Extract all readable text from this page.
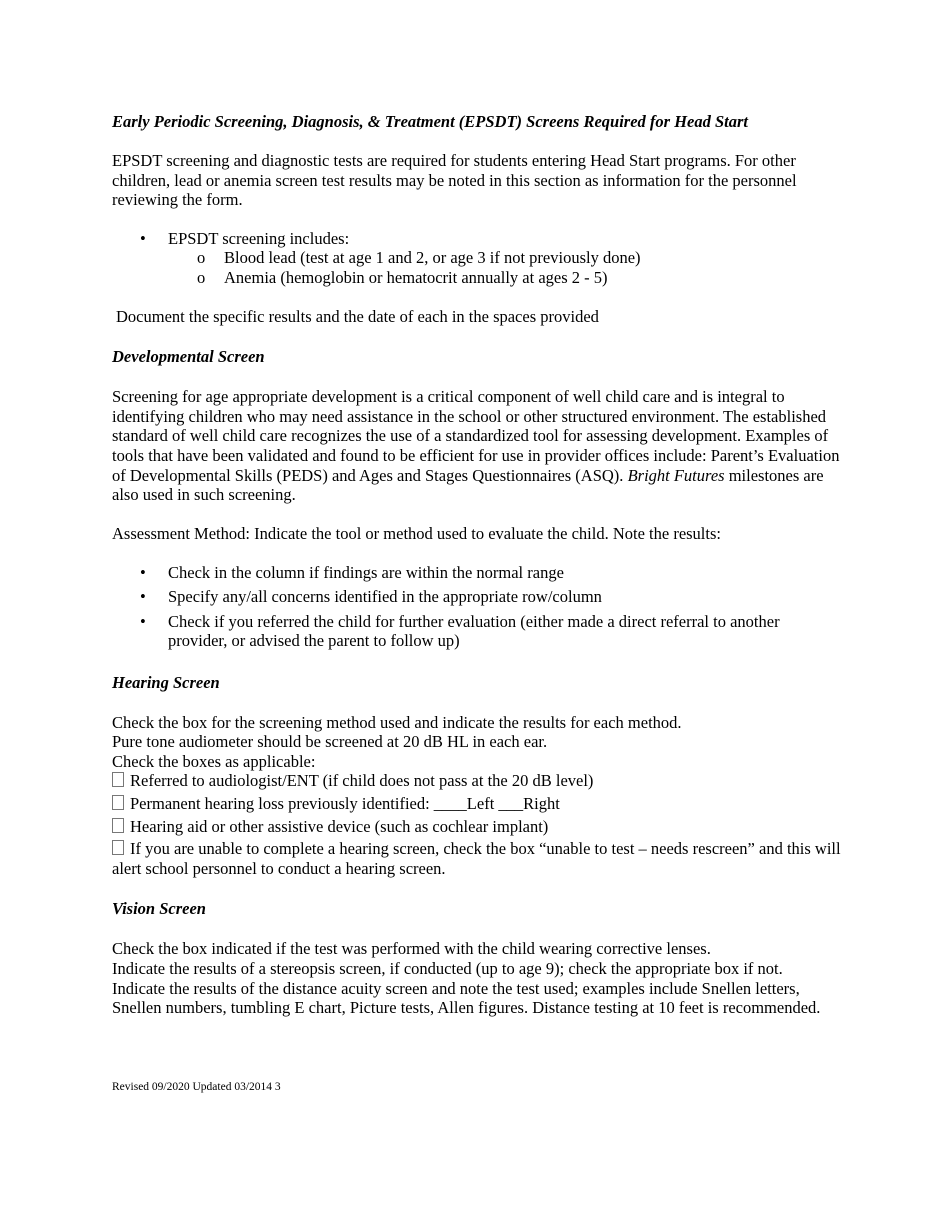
Early Periodic Screening, Diagnosis, & Treatment (EPSDT) Screens Required for Head Start

EPSDT screening and diagnostic tests are required for students entering Head Start programs. For other children, lead or anemia screen test results may be noted in this section as information for the personnel reviewing the form.

• EPSDT screening includes:
o Blood lead (test at age 1 and 2, or age 3 if not previously done)
o Anemia (hemoglobin or hematocrit annually at ages 2 - 5)

Document the specific results and the date of each in the spaces provided

Developmental Screen

Screening for age appropriate development is a critical component of well child care and is integral to identifying children who may need assistance in the school or other structured environment. The established standard of well child care recognizes the use of a standardized tool for assessing development. Examples of tools that have been validated and found to be efficient for use in provider offices include: Parent’s Evaluation of Developmental Skills (PEDS) and Ages and Stages Questionnaires (ASQ). Bright Futures milestones are also used in such screening.

Assessment Method: Indicate the tool or method used to evaluate the child. Note the results:

• Check in the column if findings are within the normal range
• Specify any/all concerns identified in the appropriate row/column
• Check if you referred the child for further evaluation (either made a direct referral to another provider, or advised the parent to follow up)
Hearing Screen

Check the box for the screening method used and indicate the results for each method.

Pure tone audiometer should be screened at 20 dB HL in each ear.

Check the boxes as applicable:

Referred to audiologist/ENT (if child does not pass at the 20 dB level)

Permanent hearing loss previously identified: ____Left ___Right

Hearing aid or other assistive device (such as cochlear implant)

If you are unable to complete a hearing screen, check the box “unable to test – needs rescreen” and this will alert school personnel to conduct a hearing screen.

Vision Screen

Check the box indicated if the test was performed with the child wearing corrective lenses.

Indicate the results of a stereopsis screen, if conducted (up to age 9); check the appropriate box if not.

Indicate the results of the distance acuity screen and note the test used; examples include Snellen letters, Snellen numbers, tumbling E chart, Picture tests, Allen figures. Distance testing at 10 feet is recommended.

Revised 09/2020 Updated 03/2014 3
